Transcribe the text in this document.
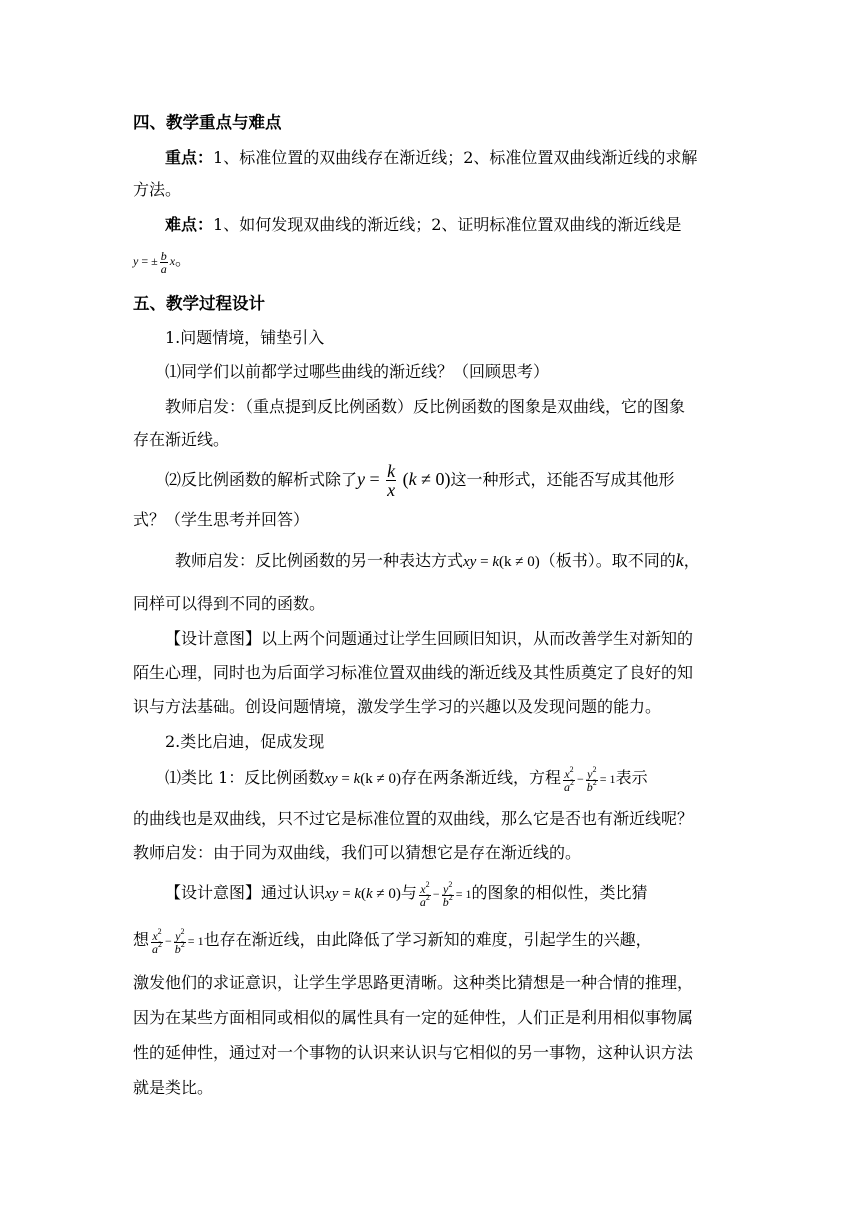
四、教学重点与难点
重点：1、标准位置的双曲线存在渐近线；2、标准位置双曲线渐近线的求解
方法。
难点：1、如何发现双曲线的渐近线；2、证明标准位置双曲线的渐近线是
y = ± $\frac{b}{a}$ x。
五、教学过程设计
1.问题情境，铺垫引入
⑴同学们以前都学过哪些曲线的渐近线？（回顾思考）
教师启发：（重点提到反比例函数）反比例函数的图象是双曲线，它的图象
存在渐近线。
⑵反比例函数的解析式除了$y = \frac{k}{x} (k \ne 0)$这一种形式，还能否写成其他形
式？（学生思考并回答）
教师启发：反比例函数的另一种表达方式xy = k(k ≠ 0)（板书）。取不同的k，
同样可以得到不同的函数。
【设计意图】以上两个问题通过让学生回顾旧知识，从而改善学生对新知的
陌生心理，同时也为后面学习标准位置双曲线的渐近线及其性质奠定了良好的知
识与方法基础。创设问题情境，激发学生学习的兴趣以及发现问题的能力。
2.类比启迪，促成发现
⑴类比 1：反比例函数xy = k(k ≠ 0)存在两条渐近线，方程 $\frac{x^2}{a^2} - \frac{y^2}{b^2} = 1$表示
的曲线也是双曲线，只不过它是标准位置的双曲线，那么它是否也有渐近线呢？
教师启发：由于同为双曲线，我们可以猜想它是存在渐近线的。
【设计意图】通过认识xy = k(k ≠ 0)与 $\frac{x^2}{a^2} - \frac{y^2}{b^2} = 1$的图象的相似性，类比猜
想 $\frac{x^2}{a^2} - \frac{y^2}{b^2} = 1$也存在渐近线，由此降低了学习新知的难度，引起学生的兴趣，
激发他们的求证意识，让学生学思路更清晰。这种类比猜想是一种合情的推理，
因为在某些方面相同或相似的属性具有一定的延伸性，人们正是利用相似事物属
性的延伸性，通过对一个事物的认识来认识与它相似的另一事物，这种认识方法
就是类比。
